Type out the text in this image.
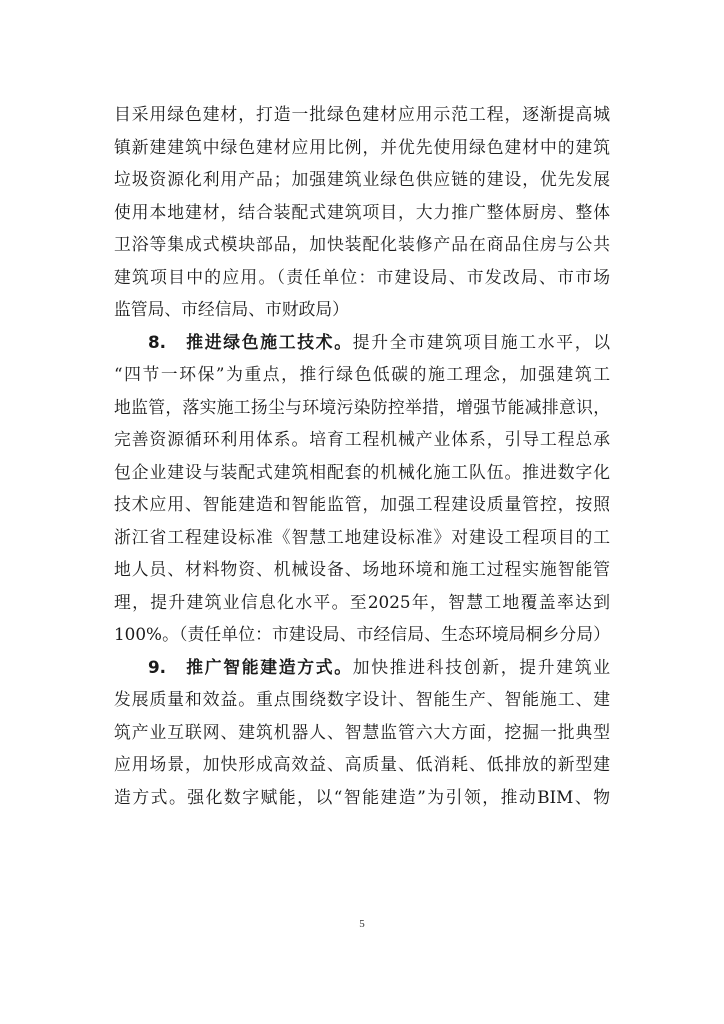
目采用绿色建材，打造一批绿色建材应用示范工程，逐渐提高城
镇新建建筑中绿色建材应用比例，并优先使用绿色建材中的建筑
垃圾资源化利用产品；加强建筑业绿色供应链的建设，优先发展
使用本地建材，结合装配式建筑项目，大力推广整体厨房、整体
卫浴等集成式模块部品，加快装配化装修产品在商品住房与公共
建筑项目中的应用。（责任单位：市建设局、市发改局、市市场
监管局、市经信局、市财政局）
8.　推进绿色施工技术。提升全市建筑项目施工水平，以
“四节一环保”为重点，推行绿色低碳的施工理念，加强建筑工
地监管，落实施工扬尘与环境污染防控举措，增强节能减排意识，
完善资源循环利用体系。培育工程机械产业体系，引导工程总承
包企业建设与装配式建筑相配套的机械化施工队伍。推进数字化
技术应用、智能建造和智能监管，加强工程建设质量管控，按照
浙江省工程建设标准《智慧工地建设标准》对建设工程项目的工
地人员、材料物资、机械设备、场地环境和施工过程实施智能管
理，提升建筑业信息化水平。至2025年，智慧工地覆盖率达到
100%。（责任单位：市建设局、市经信局、生态环境局桐乡分局）
9.　推广智能建造方式。加快推进科技创新，提升建筑业
发展质量和效益。重点围绕数字设计、智能生产、智能施工、建
筑产业互联网、建筑机器人、智慧监管六大方面，挖掘一批典型
应用场景，加快形成高效益、高质量、低消耗、低排放的新型建
造方式。强化数字赋能，以“智能建造”为引领，推动BIM、物
5
